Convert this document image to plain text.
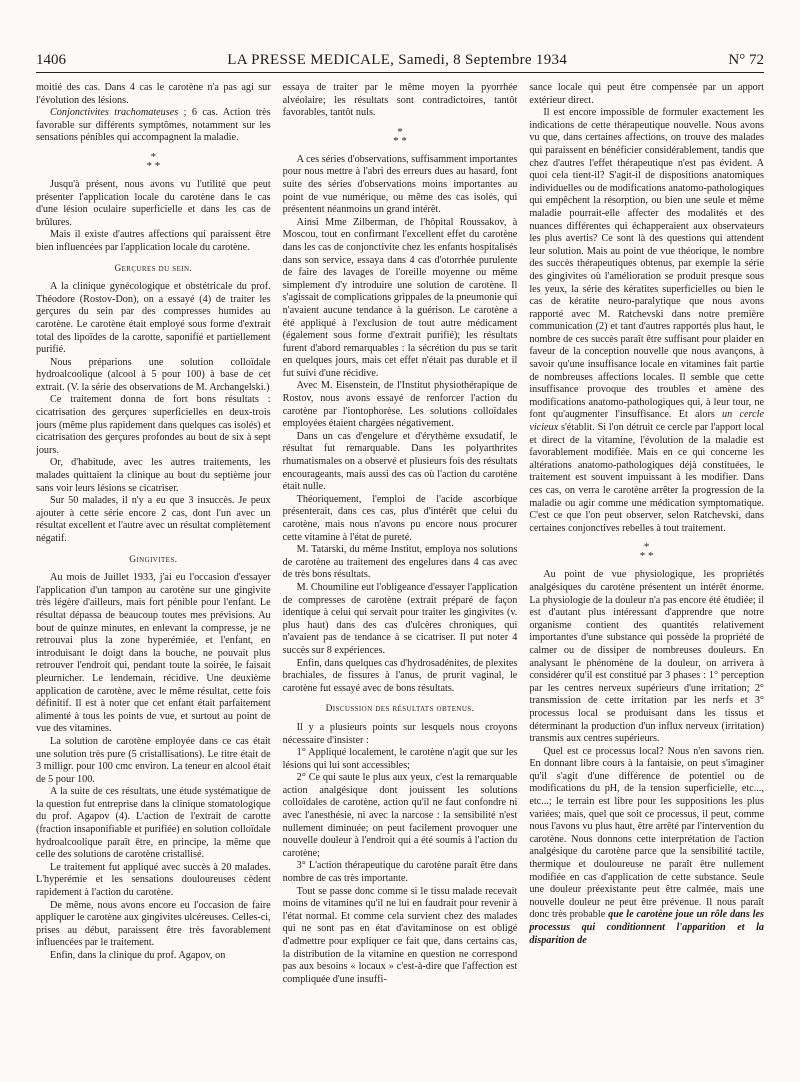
1406	LA PRESSE MEDICALE, Samedi, 8 Septembre 1934	N° 72

moitié des cas. Dans 4 cas le carotène n'a pas agi sur l'évolution des lésions.

Conjonctivites trachomateuses ; 6 cas. Action très favorable sur différents symptômes, notamment sur les sensations pénibles qui accompagnent la maladie.

*
* *

Jusqu'à présent, nous avons vu l'utilité que peut présenter l'application locale du carotène dans le cas d'une lésion oculaire superficielle et dans les cas de brûlures.

Mais il existe d'autres affections qui paraissent être bien influencées par l'application locale du carotène.

Gerçures du sein.

A la clinique gynécologique et obstétricale du prof. Théodore (Rostov-Don), on a essayé (4) de traiter les gerçures du sein par des compresses humides au carotène. Le carotène était employé sous forme d'extrait total des lipoïdes de la carotte, saponifié et partiellement purifié.

Nous préparions une solution colloïdale hydroalcoolique (alcool à 5 pour 100) à base de cet extrait. (V. la série des observations de M. Archangelski.)

Ce traitement donna de fort bons résultats : cicatrisation des gerçures superficielles en deux-trois jours (même plus rapidement dans quelques cas isolés) et cicatrisation des gerçures profondes au bout de six à sept jours.

Or, d'habitude, avec les autres traitements, les malades quittaient la clinique au bout du septième jour sans voir leurs lésions se cicatriser.

Sur 50 malades, il n'y a eu que 3 insuccès. Je peux ajouter à cette série encore 2 cas, dont l'un avec un résultat excellent et l'autre avec un résultat complètement négatif.

Gingivites.

Au mois de Juillet 1933, j'ai eu l'occasion d'essayer l'application d'un tampon au carotène sur une gingivite très légère d'ailleurs, mais fort pénible pour l'enfant. Le résultat dépassa de beaucoup toutes mes prévisions. Au bout de quinze minutes, en enlevant la compresse, je ne retrouvai plus la zone hyperémiée, et l'enfant, en introduisant le doigt dans la bouche, ne pouvait plus retrouver l'endroit qui, pendant toute la soirée, le faisait pleurnicher. Le lendemain, récidive. Une deuxième application de carotène, avec le même résultat, cette fois définitif. Il est à noter que cet enfant était parfaitement alimenté à tous les points de vue, et surtout au point de vue des vitamines.

La solution de carotène employée dans ce cas était une solution très pure (5 cristallisations). Le titre était de 3 milligr. pour 100 cmc environ. La teneur en alcool était de 5 pour 100.

A la suite de ces résultats, une étude systématique de la question fut entreprise dans la clinique stomatologique du prof. Agapov (4). L'action de l'extrait de carotte (fraction insaponifiable et purifiée) en solution colloïdale hydroalcoolique paraît être, en principe, la même que celle des solutions de carotène cristallisé.

Le traitement fut appliqué avec succès à 20 malades. L'hyperémie et les sensations douloureuses cèdent rapidement à l'action du carotène.

De même, nous avons encore eu l'occasion de faire appliquer le carotène aux gingivites ulcéreuses. Celles-ci, prises au début, paraissent être très favorablement influencées par le traitement.

Enfin, dans la clinique du prof. Agapov, on

essaya de traiter par le même moyen la pyorrhée alvéolaire; les résultats sont contradictoires, tantôt favorables, tantôt nuls.

*
* *

A ces séries d'observations, suffisamment importantes pour nous mettre à l'abri des erreurs dues au hasard, font suite des séries d'observations moins importantes au point de vue numérique, ou même des cas isolés, qui présentent néanmoins un grand intérêt.

Ainsi Mme Zilberman, de l'hôpital Roussakov, à Moscou, tout en confirmant l'excellent effet du carotène dans les cas de conjonctivite chez les enfants hospitalisés dans son service, essaya dans 4 cas d'otorrhée purulente de faire des lavages de l'oreille moyenne ou même simplement d'y introduire une solution de carotène. Il s'agissait de complications grippales de la pneumonie qui n'avaient aucune tendance à la guérison. Le carotène a été appliqué à l'exclusion de tout autre médicament (également sous forme d'extrait purifié); les résultats furent d'abord remarquables : la sécrétion du pus se tarit en quelques jours, mais cet effet n'était pas durable et il fut suivi d'une récidive.

Avec M. Eisenstein, de l'Institut physiothérapique de Rostov, nous avons essayé de renforcer l'action du carotène par l'iontophorèse. Les solutions colloïdales employées étaient chargées négativement.

Dans un cas d'engelure et d'érythème exsudatif, le résultat fut remarquable. Dans les polyarthrites rhumatismales on a observé et plusieurs fois des résultats encourageants, mais aussi des cas où l'action du carotène était nulle.

Théoriquement, l'emploi de l'acide ascorbique présenterait, dans ces cas, plus d'intérêt que celui du carotène, mais nous n'avons pu encore nous procurer cette vitamine à l'état de pureté.

M. Tatarski, du même Institut, employa nos solutions de carotène au traitement des engelures dans 4 cas avec de très bons résultats.

M. Choumiline eut l'obligeance d'essayer l'application de compresses de carotène (extrait préparé de façon identique à celui qui servait pour traiter les gingivites (v. plus haut) dans des cas d'ulcères chroniques, qui n'avaient pas de tendance à se cicatriser. Il put noter 4 succès sur 8 expériences.

Enfin, dans quelques cas d'hydrosadénites, de plexites brachiales, de fissures à l'anus, de prurit vaginal, le carotène fut essayé avec de bons résultats.

Discussion des résultats obtenus.

Il y a plusieurs points sur lesquels nous croyons nécessaire d'insister :

1° Appliqué localement, le carotène n'agit que sur les lésions qui lui sont accessibles;

2° Ce qui saute le plus aux yeux, c'est la remarquable action analgésique dont jouissent les solutions colloïdales de carotène, action qu'il ne faut confondre ni avec l'anesthésie, ni avec la narcose : la sensibilité n'est nullement diminuée; on peut facilement provoquer une nouvelle douleur à l'endroit qui a été soumis à l'action du carotène;

3° L'action thérapeutique du carotène paraît être dans nombre de cas très importante.

Tout se passe donc comme si le tissu malade recevait moins de vitamines qu'il ne lui en faudrait pour revenir à l'état normal. Et comme cela survient chez des malades qui ne sont pas en état d'avitaminose on est obligé d'admettre pour expliquer ce fait que, dans certains cas, la distribution de la vitamine en question ne correspond pas aux besoins « locaux » c'est-à-dire que l'affection est compliquée d'une insuffi-

sance locale qui peut être compensée par un apport extérieur direct.

Il est encore impossible de formuler exactement les indications de cette thérapeutique nouvelle. Nous avons vu que, dans certaines affections, on trouve des malades qui paraissent en bénéficier considérablement, tandis que chez d'autres l'effet thérapeutique n'est pas évident. A quoi cela tient-il? S'agit-il de dispositions anatomiques individuelles ou de modifications anatomo-pathologiques qui empêchent la résorption, ou bien une seule et même maladie pourrait-elle affecter des modalités et des nuances différentes qui échapperaient aux observateurs les plus avertis? Ce sont là des questions qui attendent leur solution. Mais au point de vue théorique, le nombre des succès thérapeutiques obtenus, par exemple la série des gingivites où l'amélioration se produit presque sous les yeux, la série des kératites superficielles ou bien le cas de kératite neuro-paralytique que nous avons rapporté avec M. Ratchevski dans notre première communication (2) et tant d'autres rapportés plus haut, le nombre de ces succès paraît être suffisant pour plaider en faveur de la conception nouvelle que nous avançons, à savoir qu'une insuffisance locale en vitamines fait partie de nombreuses affections locales. Il semble que cette insuffisance provoque des troubles et amène des modifications anatomo-pathologiques qui, à leur tour, ne font qu'augmenter l'insuffisance. Et alors un cercle vicieux s'établit. Si l'on détruit ce cercle par l'apport local et direct de la vitamine, l'évolution de la maladie est favorablement modifiée. Mais en ce qui concerne les altérations anatomo-pathologiques déjà constituées, le traitement est souvent impuissant à les modifier. Dans ces cas, on verra le carotène arrêter la progression de la maladie ou agir comme une médication symptomatique. C'est ce que l'on peut observer, selon Ratchevski, dans certaines conjonctives rebelles à tout traitement.

*
* *

Au point de vue physiologique, les propriétés analgésiques du carotène présentent un intérêt énorme. La physiologie de la douleur n'a pas encore été étudiée; il est d'autant plus intéressant d'apprendre que notre organisme contient des quantités relativement importantes d'une substance qui possède la propriété de calmer ou de dissiper de nombreuses douleurs. En analysant le phénomène de la douleur, on arrivera à considérer qu'il est constitué par 3 phases : 1° perception par les centres nerveux supérieurs d'une irritation; 2° transmission de cette irritation par les nerfs et 3° processus local se produisant dans les tissus et déterminant la production d'un influx nerveux (irritation) transmis aux centres supérieurs.

Quel est ce processus local? Nous n'en savons rien. En donnant libre cours à la fantaisie, on peut s'imaginer qu'il s'agit d'une différence de potentiel ou de modifications du pH, de la tension superficielle, etc..., etc...; le terrain est libre pour les suppositions les plus variées; mais, quel que soit ce processus, il peut, comme nous l'avons vu plus haut, être arrêté par l'intervention du carotène. Nous donnons cette interprétation de l'action analgésique du carotène parce que la sensibilité tactile, thermique et douloureuse ne paraît être nullement modifiée en cas d'application de cette substance. Seule une douleur préexistante peut être calmée, mais une nouvelle douleur ne peut être prévenue. Il nous paraît donc très probable que le carotène joue un rôle dans les processus qui conditionnent l'apparition et la disparition de
